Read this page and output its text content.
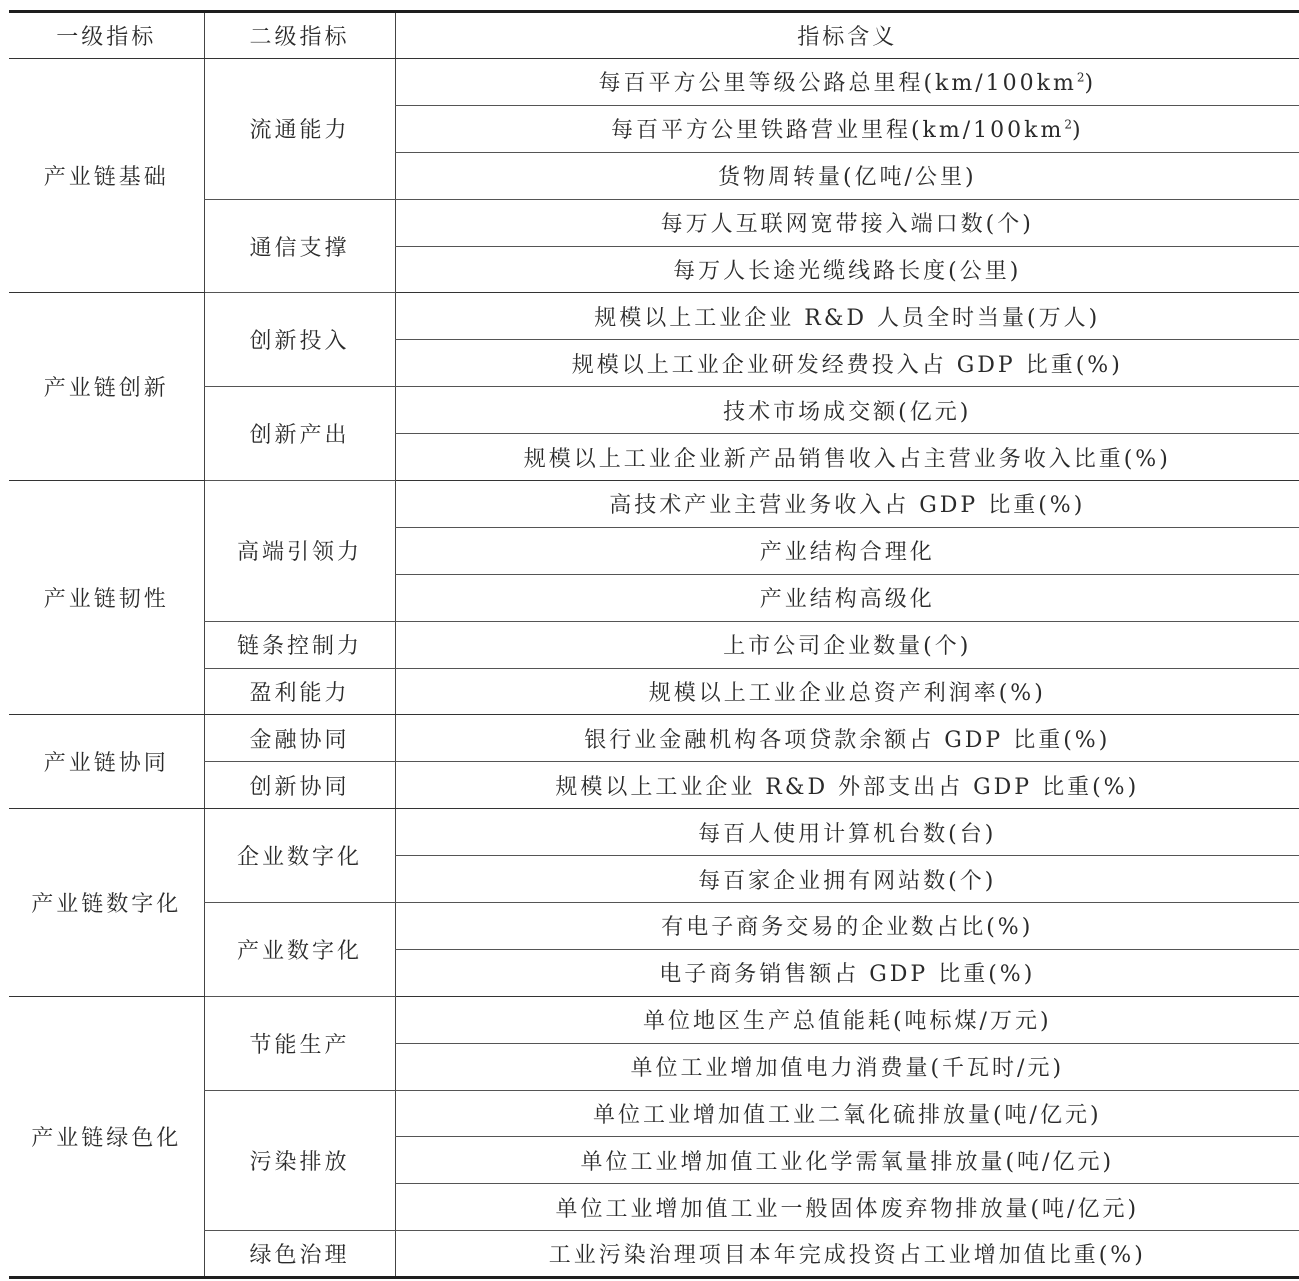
一级指标	二级指标	指标含义
产业链基础	流通能力	每百平方公里等级公路总里程$(km/100km^2)$
		每百平方公里铁路营业里程$(km/100km^2)$
		货物周转量(亿吨/公里)
	通信支撑	每万人互联网宽带接入端口数(个)
		每万人长途光缆线路长度(公里)
产业链创新	创新投入	规模以上工业企业 R&D 人员全时当量(万人)
		规模以上工业企业研发经费投入占 GDP 比重(%)
	创新产出	技术市场成交额(亿元)
		规模以上工业企业新产品销售收入占主营业务收入比重(%)
产业链韧性	高端引领力	高技术产业主营业务收入占 GDP 比重(%)
		产业结构合理化
		产业结构高级化
	链条控制力	上市公司企业数量(个)
	盈利能力	规模以上工业企业总资产利润率(%)
产业链协同	金融协同	银行业金融机构各项贷款余额占 GDP 比重(%)
	创新协同	规模以上工业企业 R&D 外部支出占 GDP 比重(%)
产业链数字化	企业数字化	每百人使用计算机台数(台)
		每百家企业拥有网站数(个)
	产业数字化	有电子商务交易的企业数占比(%)
		电子商务销售额占 GDP 比重(%)
产业链绿色化	节能生产	单位地区生产总值能耗(吨标煤/万元)
		单位工业增加值电力消费量(千瓦时/元)
	污染排放	单位工业增加值工业二氧化硫排放量(吨/亿元)
		单位工业增加值工业化学需氧量排放量(吨/亿元)
		单位工业增加值工业一般固体废弃物排放量(吨/亿元)
	绿色治理	工业污染治理项目本年完成投资占工业增加值比重(%)
